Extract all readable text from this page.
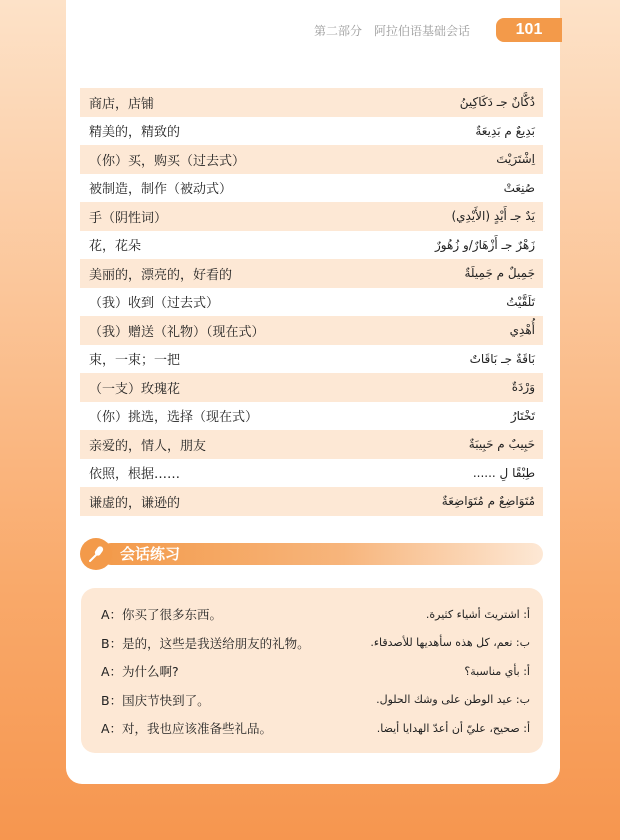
第二部分　阿拉伯语基础会话	101
商店，店铺	دُكَّانٌ جـ دَكَاكِينُ
精美的，精致的	بَدِيعٌ م بَدِيعَةٌ
（你）买，购买（过去式）	اِشْتَرَيْتَ
被制造，制作（被动式）	صُنِعَتْ
手（阴性词）	يَدٌ جـ أَيْدٍ (الأَيْدِي)
花，花朵	زَهْرٌ جـ أَزْهَارٌ/و زُهُورٌ
美丽的，漂亮的，好看的	جَمِيلٌ م جَمِيلَةٌ
（我）收到（过去式）	تَلَقَّيْتُ
（我）赠送（礼物）（现在式）	أُهْدِي
束，一束；一把	بَاقَةٌ جـ بَاقَاتٌ
（一支）玫瑰花	وَرْدَةٌ
（你）挑选，选择（现在式）	تَخْتَارُ
亲爱的，情人，朋友	حَبِيبٌ م حَبِيبَةٌ
依照，根据……	طِبْقًا لِ ......
谦虚的，谦逊的	مُتَوَاضِعٌ م مُتَوَاضِعَةٌ
会话练习
A：你买了很多东西。	أ: اشتريتَ أشياء كثيرة.
B：是的，这些是我送给朋友的礼物。	ب: نعم، كل هذه سأهديها للأصدقاء.
A：为什么啊?	أ: بأي مناسبة؟
B：国庆节快到了。	ب: عيد الوطن على وشك الحلول.
A：对，我也应该准备些礼品。	أ: صحيح، عليّ أن أعدّ الهدايا أيضا.
